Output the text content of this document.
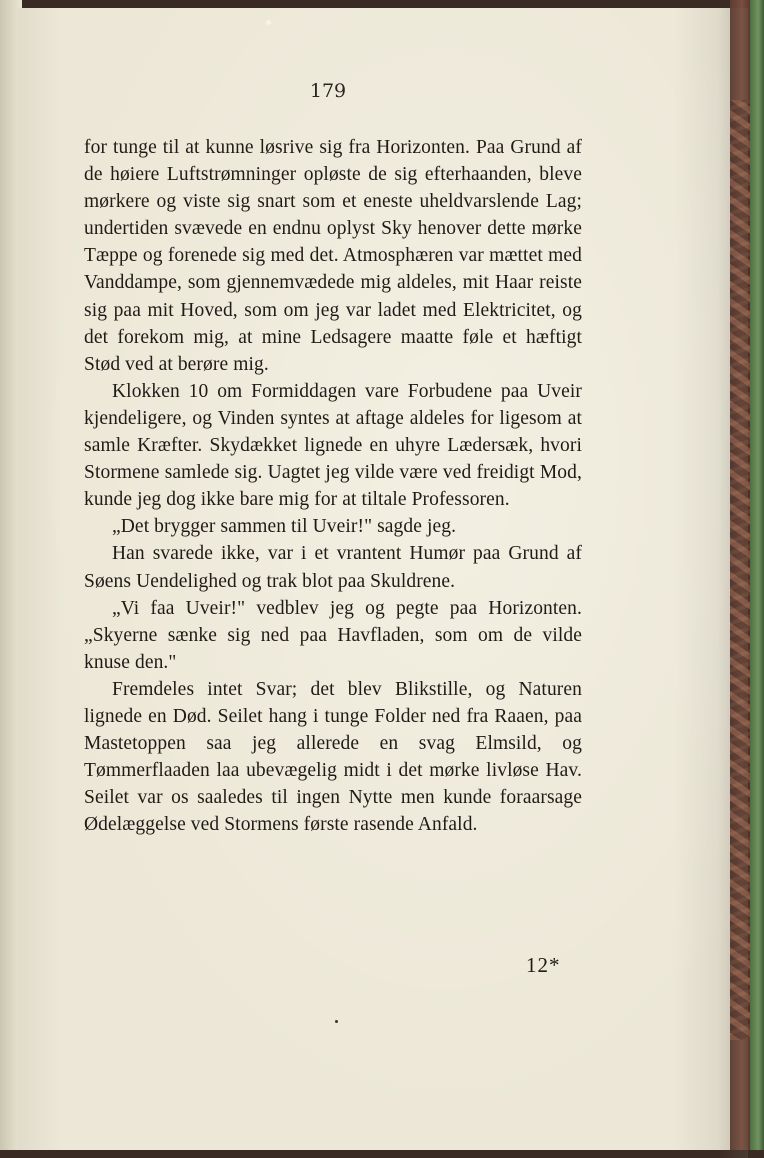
179

for tunge til at kunne løsrive sig fra Horizonten. Paa Grund af de høiere Luftstrømninger opløste de sig efterhaanden, bleve mørkere og viste sig snart som et eneste uheldvarslende Lag; undertiden svævede en endnu oplyst Sky henover dette mørke Tæppe og forenede sig med det. Atmosphæren var mættet med Vanddampe, som gjennemvædede mig aldeles, mit Haar reiste sig paa mit Hoved, som om jeg var ladet med Elektricitet, og det forekom mig, at mine Ledsagere maatte føle et hæftigt Stød ved at berøre mig.

Klokken 10 om Formiddagen vare Forbudene paa Uveir kjendeligere, og Vinden syntes at aftage aldeles for ligesom at samle Kræfter. Skydækket lignede en uhyre Lædersæk, hvori Stormene samlede sig. Uagtet jeg vilde være ved freidigt Mod, kunde jeg dog ikke bare mig for at tiltale Professoren.

„Det brygger sammen til Uveir!" sagde jeg.

Han svarede ikke, var i et vrantent Humør paa Grund af Søens Uendelighed og trak blot paa Skuldrene.

„Vi faa Uveir!" vedblev jeg og pegte paa Horizonten. „Skyerne sænke sig ned paa Havfladen, som om de vilde knuse den."

Fremdeles intet Svar; det blev Blikstille, og Naturen lignede en Død. Seilet hang i tunge Folder ned fra Raaen, paa Mastetoppen saa jeg allerede en svag Elmsild, og Tømmerflaaden laa ubevægelig midt i det mørke livløse Hav. Seilet var os saaledes til ingen Nytte men kunde foraarsage Ødelæggelse ved Stormens første rasende Anfald.

12*
